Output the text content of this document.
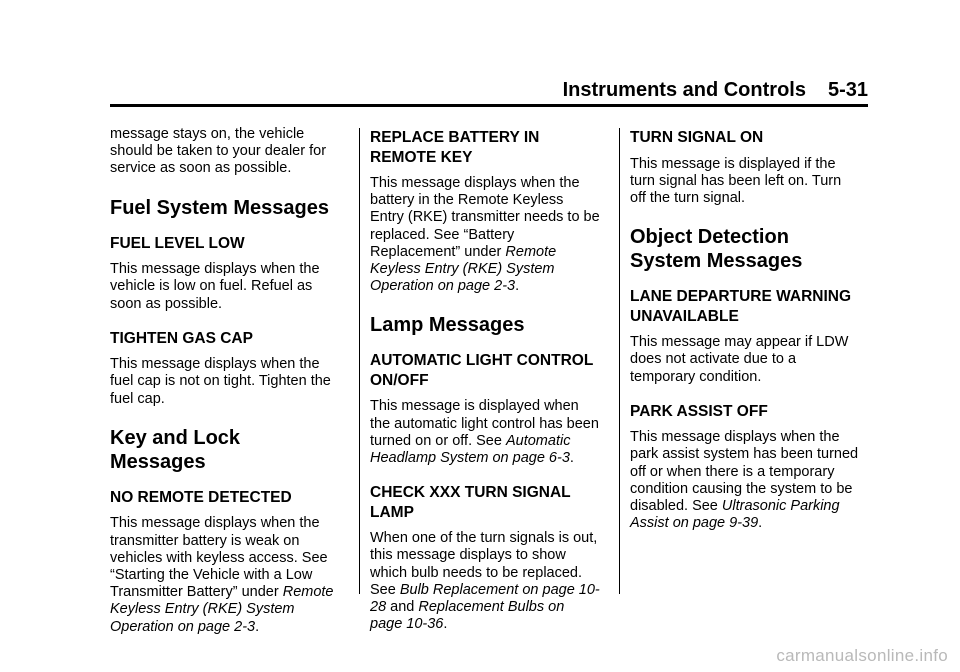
Instruments and Controls 5-31

message stays on, the vehicle should be taken to your dealer for service as soon as possible.

Fuel System Messages
FUEL LEVEL LOW

This message displays when the vehicle is low on fuel. Refuel as soon as possible.

TIGHTEN GAS CAP

This message displays when the fuel cap is not on tight. Tighten the fuel cap.

Key and Lock Messages
NO REMOTE DETECTED

This message displays when the transmitter battery is weak on vehicles with keyless access. See “Starting the Vehicle with a Low Transmitter Battery” under Remote Keyless Entry (RKE) System Operation on page 2-3.

REPLACE BATTERY IN REMOTE KEY

This message displays when the battery in the Remote Keyless Entry (RKE) transmitter needs to be replaced. See “Battery Replacement” under Remote Keyless Entry (RKE) System Operation on page 2-3.

Lamp Messages
AUTOMATIC LIGHT CONTROL ON/OFF

This message is displayed when the automatic light control has been turned on or off. See Automatic Headlamp System on page 6-3.

CHECK XXX TURN SIGNAL LAMP

When one of the turn signals is out, this message displays to show which bulb needs to be replaced. See Bulb Replacement on page 10-28 and Replacement Bulbs on page 10-36.

TURN SIGNAL ON

This message is displayed if the turn signal has been left on. Turn off the turn signal.

Object Detection System Messages
LANE DEPARTURE WARNING UNAVAILABLE

This message may appear if LDW does not activate due to a temporary condition.

PARK ASSIST OFF

This message displays when the park assist system has been turned off or when there is a temporary condition causing the system to be disabled. See Ultrasonic Parking Assist on page 9-39.

carmanualsonline.info
